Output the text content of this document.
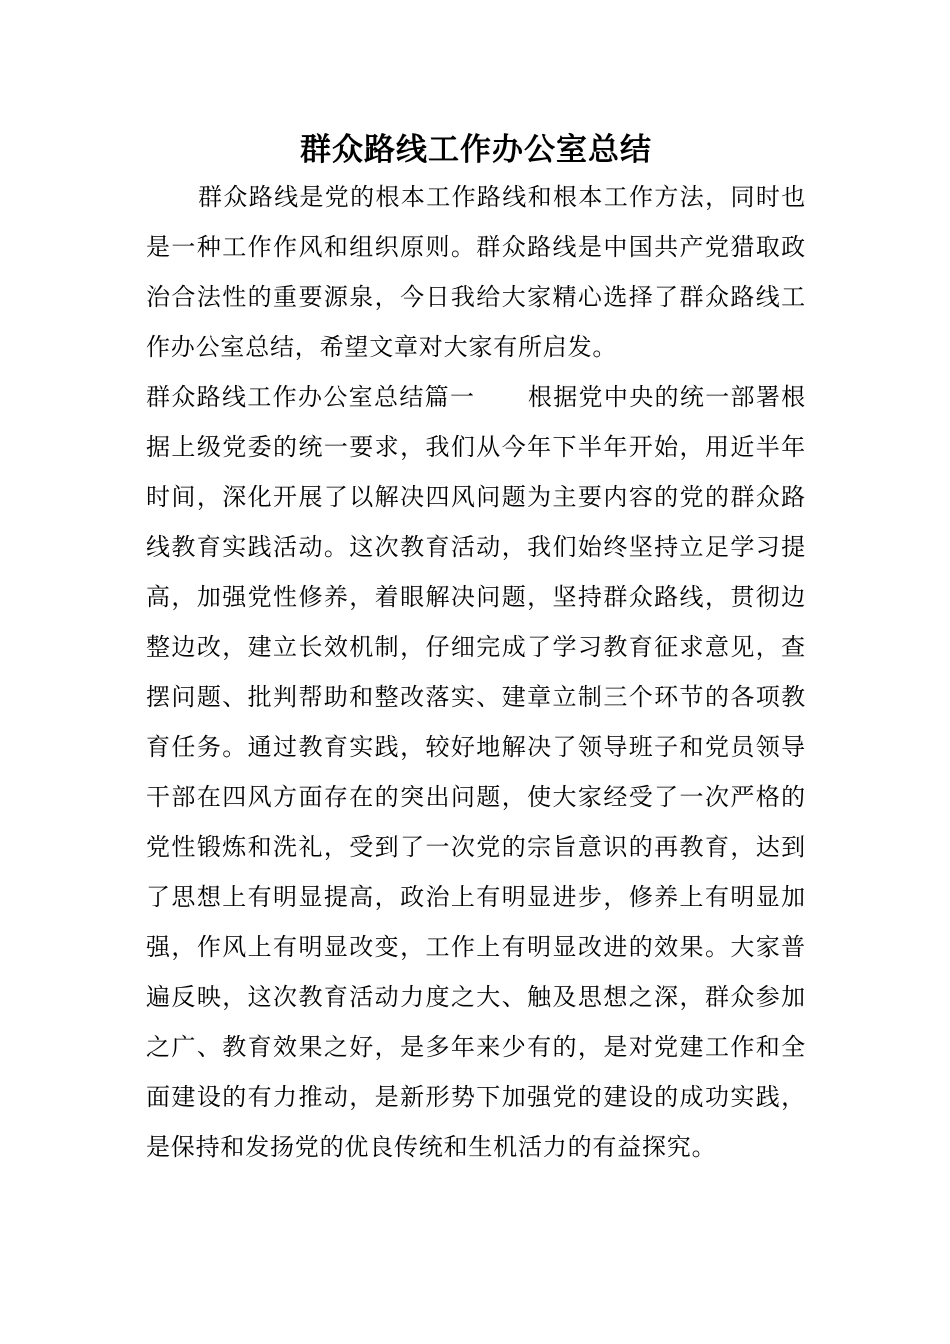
群众路线工作办公室总结

群众路线是党的根本工作路线和根本工作方法，同时也是一种工作作风和组织原则。群众路线是中国共产党猎取政治合法性的重要源泉，今日我给大家精心选择了群众路线工作办公室总结，希望文章对大家有所启发。

群众路线工作办公室总结篇一 根据党中央的统一部署根据上级党委的统一要求，我们从今年下半年开始，用近半年时间，深化开展了以解决四风问题为主要内容的党的群众路线教育实践活动。这次教育活动，我们始终坚持立足学习提高，加强党性修养，着眼解决问题，坚持群众路线，贯彻边整边改，建立长效机制，仔细完成了学习教育征求意见，查摆问题、批判帮助和整改落实、建章立制三个环节的各项教育任务。通过教育实践，较好地解决了领导班子和党员领导干部在四风方面存在的突出问题，使大家经受了一次严格的党性锻炼和洗礼，受到了一次党的宗旨意识的再教育，达到了思想上有明显提高，政治上有明显进步，修养上有明显加强，作风上有明显改变，工作上有明显改进的效果。大家普遍反映，这次教育活动力度之大、触及思想之深，群众参加之广、教育效果之好，是多年来少有的，是对党建工作和全面建设的有力推动，是新形势下加强党的建设的成功实践，是保持和发扬党的优良传统和生机活力的有益探究。
